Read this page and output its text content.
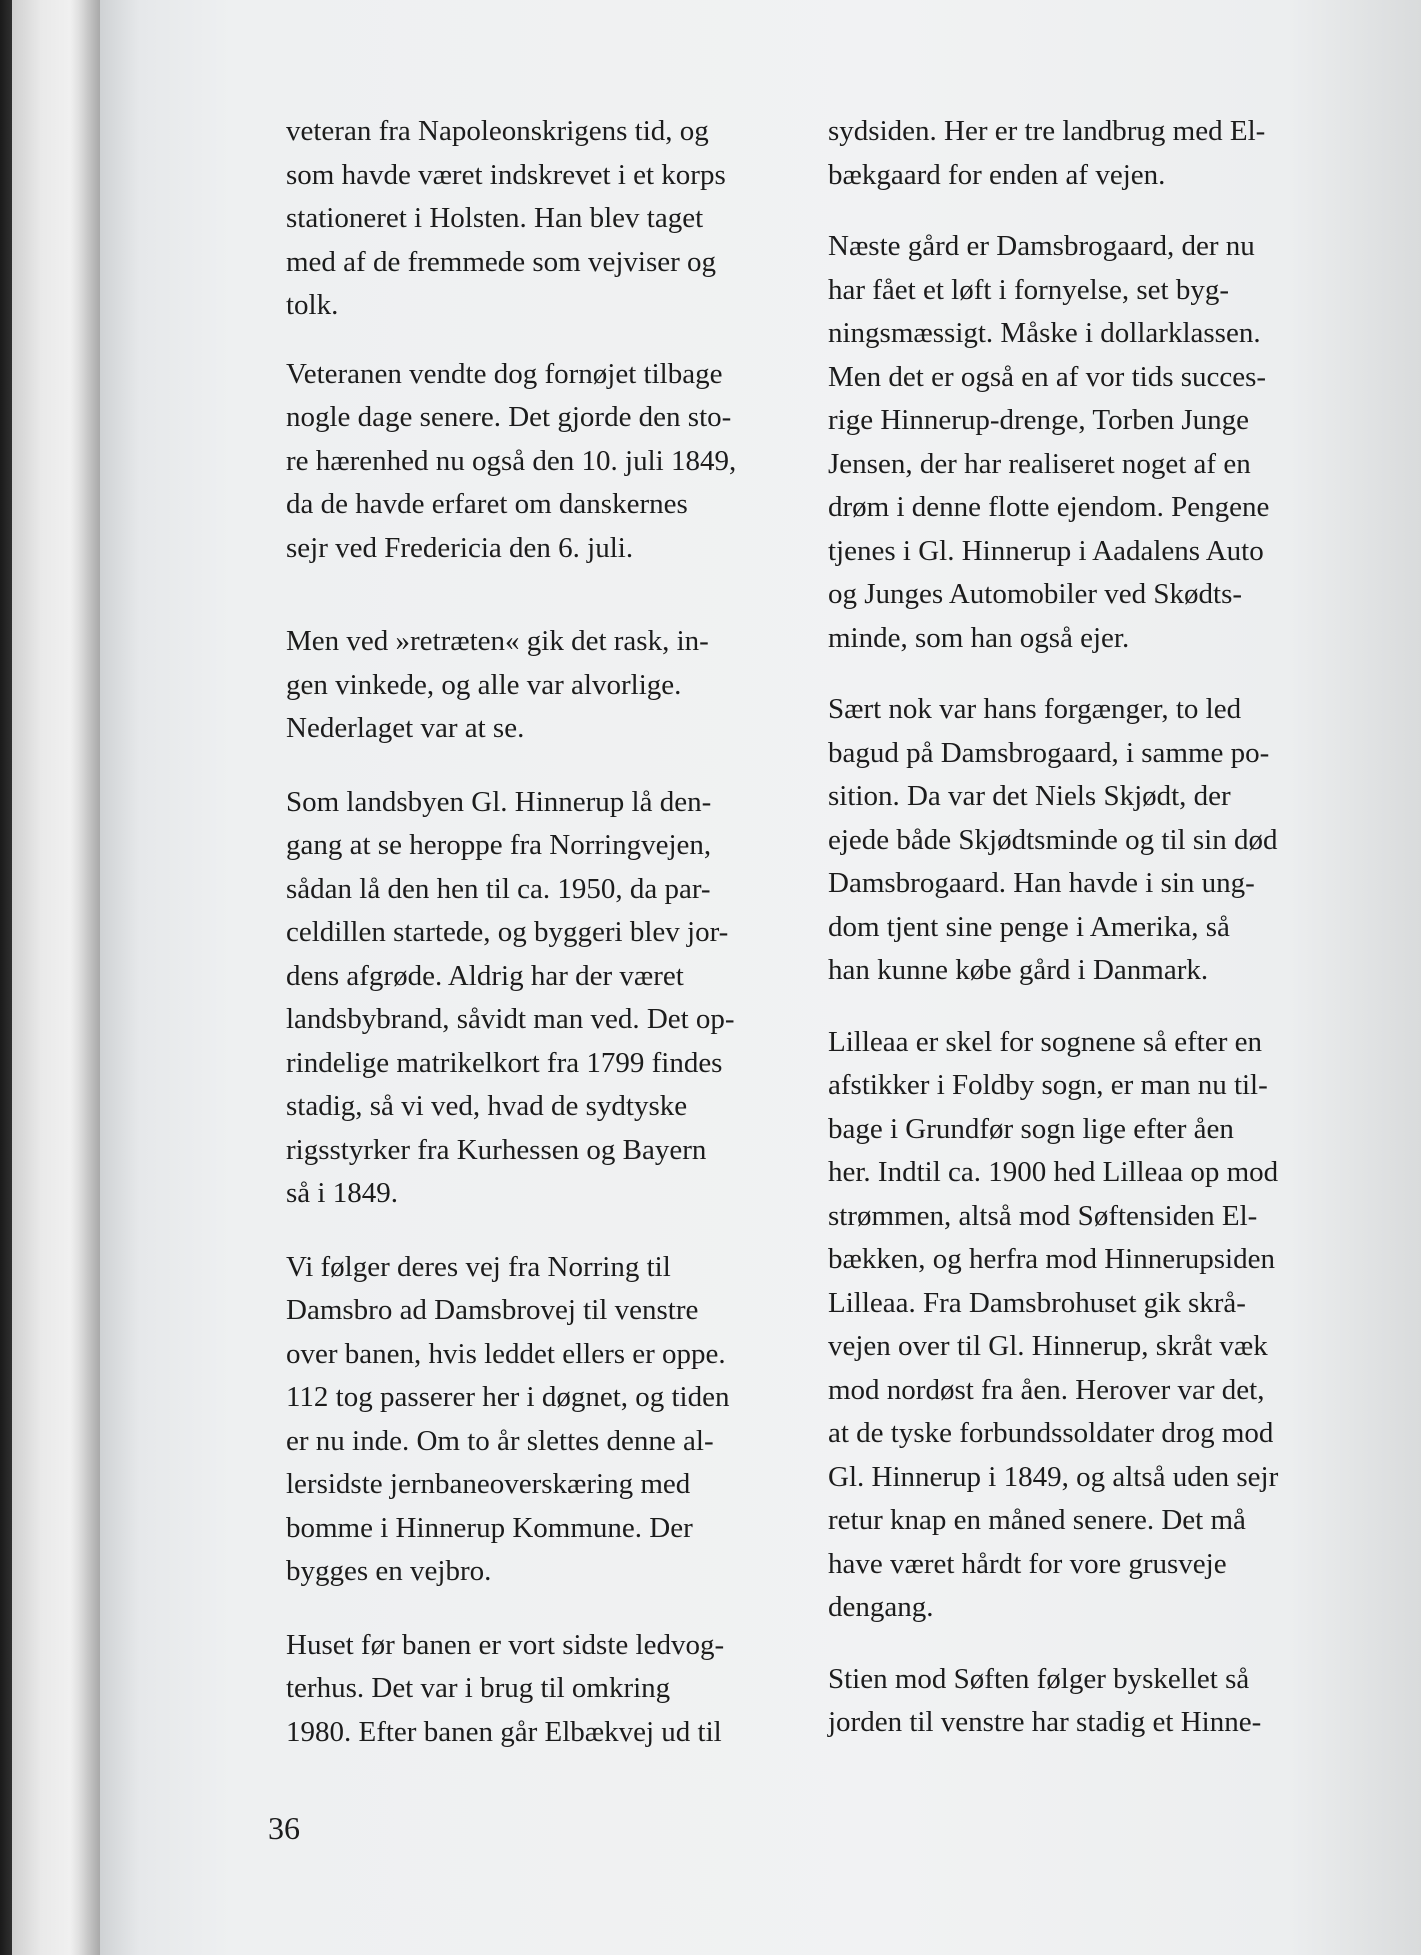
veteran fra Napoleonskrigens tid, og
som havde været indskrevet i et korps
stationeret i Holsten. Han blev taget
med af de fremmede som vejviser og
tolk.

Veteranen vendte dog fornøjet tilbage
nogle dage senere. Det gjorde den sto-
re hærenhed nu også den 10. juli 1849,
da de havde erfaret om danskernes
sejr ved Fredericia den 6. juli.

Men ved »retræten« gik det rask, in-
gen vinkede, og alle var alvorlige.
Nederlaget var at se.

Som landsbyen Gl. Hinnerup lå den-
gang at se heroppe fra Norringvejen,
sådan lå den hen til ca. 1950, da par-
celdillen startede, og byggeri blev jor-
dens afgrøde. Aldrig har der været
landsbybrand, såvidt man ved. Det op-
rindelige matrikelkort fra 1799 findes
stadig, så vi ved, hvad de sydtyske
rigsstyrker fra Kurhessen og Bayern
så i 1849.

Vi følger deres vej fra Norring til
Damsbro ad Damsbrovej til venstre
over banen, hvis leddet ellers er oppe.
112 tog passerer her i døgnet, og tiden
er nu inde. Om to år slettes denne al-
lersidste jernbaneoverskæring med
bomme i Hinnerup Kommune. Der
bygges en vejbro.

Huset før banen er vort sidste ledvog-
terhus. Det var i brug til omkring
1980. Efter banen går Elbækvej ud til

sydsiden. Her er tre landbrug med El-
bækgaard for enden af vejen.

Næste gård er Damsbrogaard, der nu
har fået et løft i fornyelse, set byg-
ningsmæssigt. Måske i dollarklassen.
Men det er også en af vor tids succes-
rige Hinnerup-drenge, Torben Junge
Jensen, der har realiseret noget af en
drøm i denne flotte ejendom. Pengene
tjenes i Gl. Hinnerup i Aadalens Auto
og Junges Automobiler ved Skødts-
minde, som han også ejer.

Sært nok var hans forgænger, to led
bagud på Damsbrogaard, i samme po-
sition. Da var det Niels Skjødt, der
ejede både Skjødtsminde og til sin død
Damsbrogaard. Han havde i sin ung-
dom tjent sine penge i Amerika, så
han kunne købe gård i Danmark.

Lilleaa er skel for sognene så efter en
afstikker i Foldby sogn, er man nu til-
bage i Grundfør sogn lige efter åen
her. Indtil ca. 1900 hed Lilleaa op mod
strømmen, altså mod Søftensiden El-
bækken, og herfra mod Hinnerupsiden
Lilleaa. Fra Damsbrohuset gik skrå-
vejen over til Gl. Hinnerup, skråt væk
mod nordøst fra åen. Herover var det,
at de tyske forbundssoldater drog mod
Gl. Hinnerup i 1849, og altså uden sejr
retur knap en måned senere. Det må
have været hårdt for vore grusveje
dengang.

Stien mod Søften følger byskellet så
jorden til venstre har stadig et Hinne-

36
